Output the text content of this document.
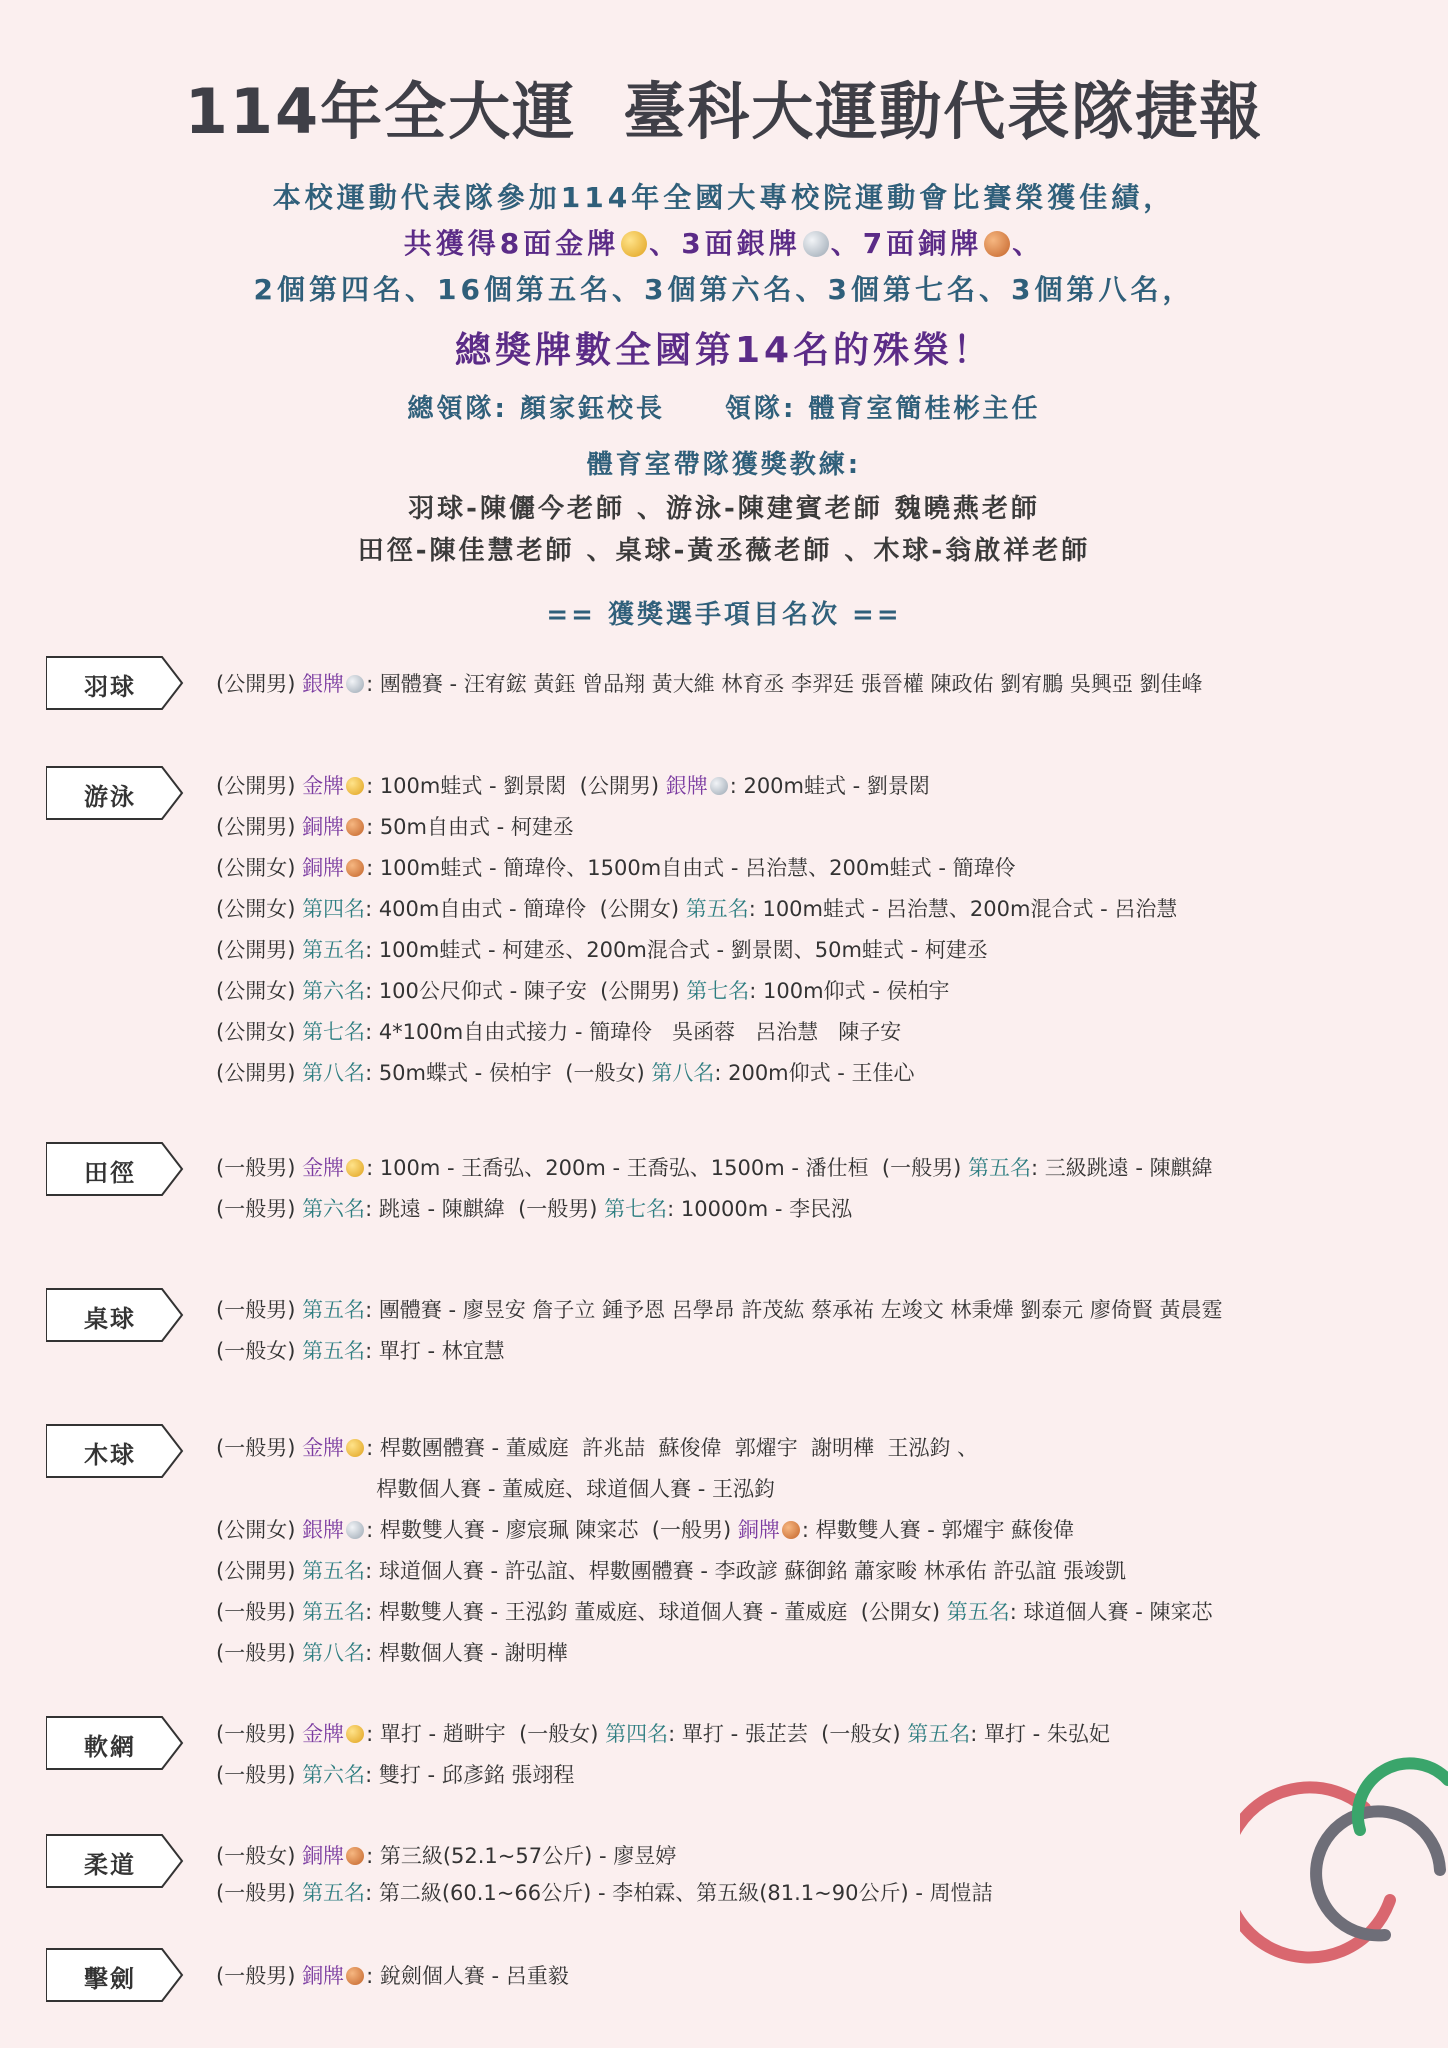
114年全大運  臺科大運動代表隊捷報
本校運動代表隊參加114年全國大專校院運動會比賽榮獲佳績，
共獲得8面金牌 、3面銀牌 、7面銅牌 、
2個第四名、16個第五名、3個第六名、3個第七名、3個第八名，
總獎牌數全國第14名的殊榮！
總領隊: 顏家鈺校長 領隊: 體育室簡桂彬主任
體育室帶隊獲獎教練:
羽球-陳儷今老師 、游泳-陳建賓老師 魏曉燕老師
田徑-陳佳慧老師 、桌球-黃丞薇老師 、木球-翁啟祥老師
== 獲獎選手項目名次 ==
羽球	(公開男) 銀牌 : 團體賽 - 汪宥鋐 黃鈺 曾品翔 黃大維 林育丞 李羿廷 張晉權 陳政佑 劉宥鵬 吳興亞 劉佳峰
游泳	(公開男) 金牌 : 100m蛙式 - 劉景閎  (公開男) 銀牌 : 200m蛙式 - 劉景閎
(公開男) 銅牌 : 50m自由式 - 柯建丞
(公開女) 銅牌 : 100m蛙式 - 簡瑋伶、1500m自由式 - 呂治慧、200m蛙式 - 簡瑋伶
(公開女) 第四名: 400m自由式 - 簡瑋伶  (公開女) 第五名: 100m蛙式 - 呂治慧、200m混合式 - 呂治慧
(公開男) 第五名: 100m蛙式 - 柯建丞、200m混合式 - 劉景閎、50m蛙式 - 柯建丞
(公開女) 第六名: 100公尺仰式 - 陳子安  (公開男) 第七名: 100m仰式 - 侯柏宇
(公開女) 第七名: 4*100m自由式接力 - 簡瑋伶   吳函蓉   呂治慧   陳子安
(公開男) 第八名: 50m蝶式 - 侯柏宇  (一般女) 第八名: 200m仰式 - 王佳心
田徑	(一般男) 金牌 : 100m - 王喬弘、200m - 王喬弘、1500m - 潘仕桓  (一般男) 第五名: 三級跳遠 - 陳麒緯
(一般男) 第六名: 跳遠 - 陳麒緯  (一般男) 第七名: 10000m - 李民泓
桌球	(一般男) 第五名: 團體賽 - 廖昱安 詹子立 鍾予恩 呂學昂 許茂紘 蔡承祐 左竣文 林秉燁 劉泰元 廖倚賢 黃晨霆
(一般女) 第五名: 單打 - 林宜慧
木球	(一般男) 金牌 : 桿數團體賽 - 董威庭  許兆喆  蘇俊偉  郭燿宇  謝明樺  王泓鈞 、
桿數個人賽 - 董威庭、球道個人賽 - 王泓鈞
(公開女) 銀牌 : 桿數雙人賽 - 廖宸珮 陳寀芯  (一般男) 銅牌 : 桿數雙人賽 - 郭燿宇 蘇俊偉
(公開男) 第五名: 球道個人賽 - 許弘誼、桿數團體賽 - 李政諺 蘇御銘 蕭家畯 林承佑 許弘誼 張竣凱
(一般男) 第五名: 桿數雙人賽 - 王泓鈞 董威庭、球道個人賽 - 董威庭  (公開女) 第五名: 球道個人賽 - 陳寀芯
(一般男) 第八名: 桿數個人賽 - 謝明樺
軟網	(一般男) 金牌 : 單打 - 趙畊宇  (一般女) 第四名: 單打 - 張芷芸  (一般女) 第五名: 單打 - 朱弘妃
(一般男) 第六名: 雙打 - 邱彥銘 張翊程
柔道	(一般女) 銅牌 : 第三級(52.1~57公斤) - 廖昱婷
(一般男) 第五名: 第二級(60.1~66公斤) - 李柏霖、第五級(81.1~90公斤) - 周愷詰
擊劍	(一般男) 銅牌 : 銳劍個人賽 - 呂重毅
